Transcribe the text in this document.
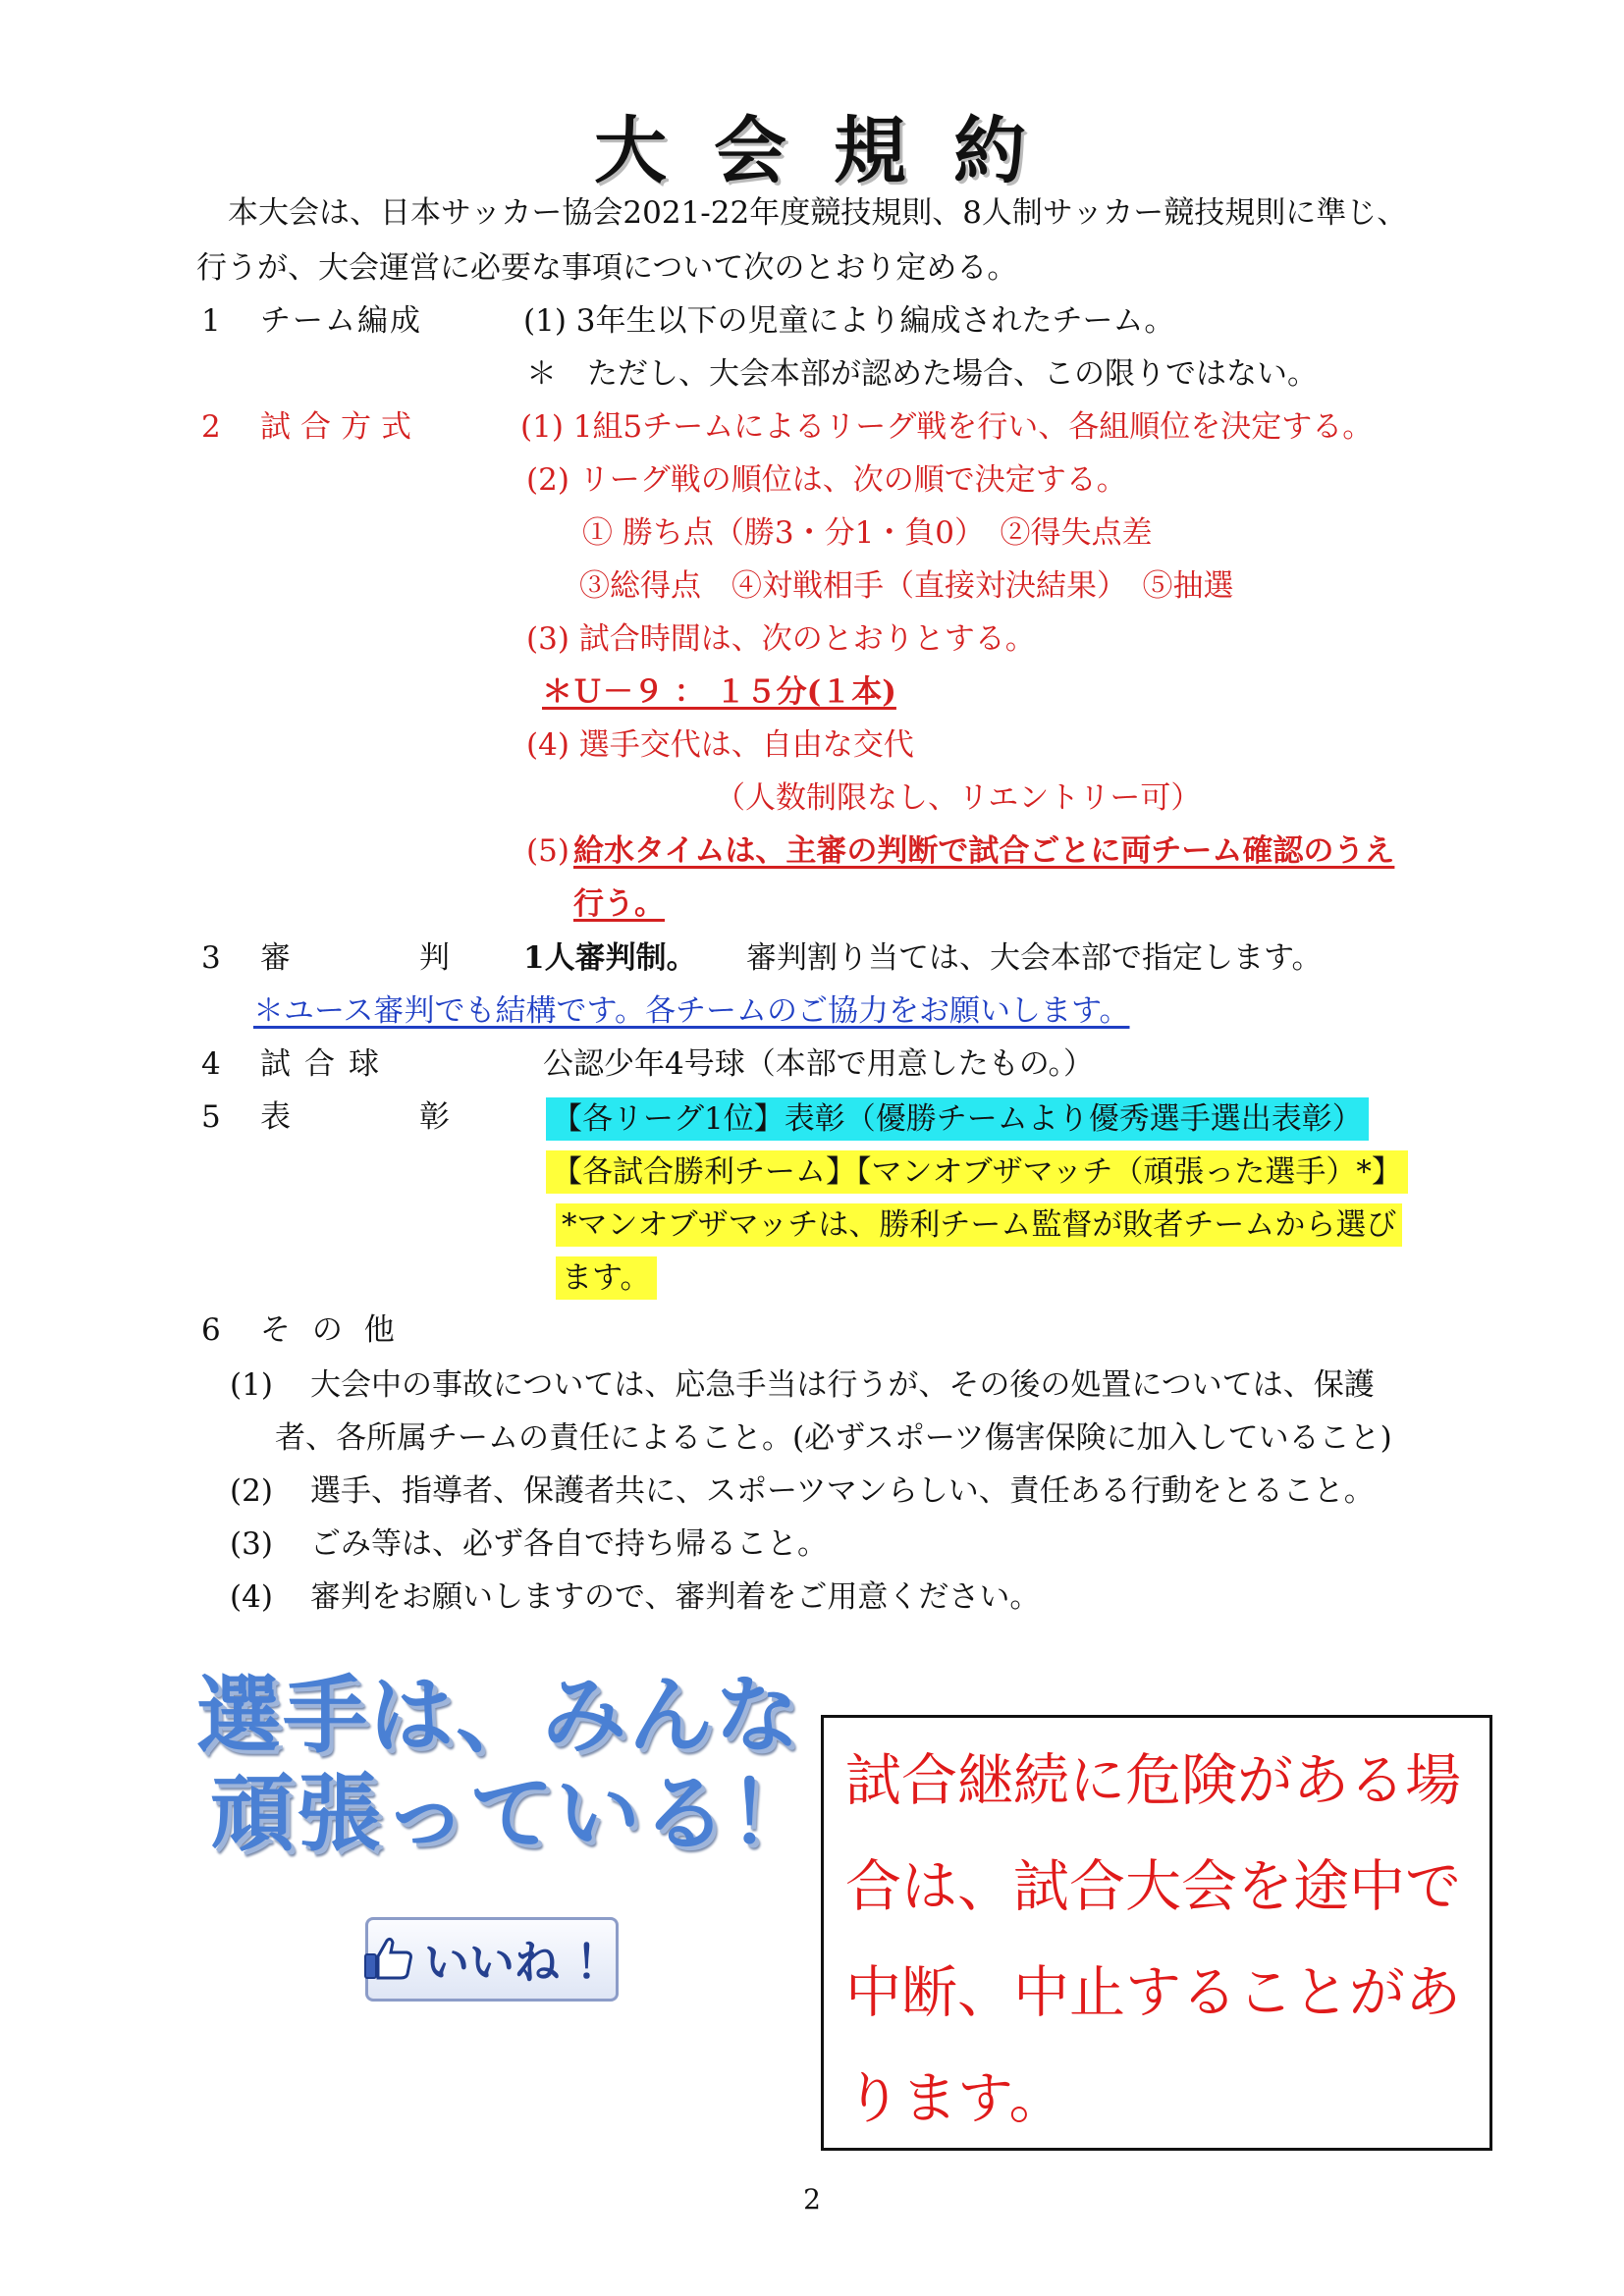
大会規約
本大会は、日本サッカー協会2021-22年度競技規則、8人制サッカー競技規則に準じ、
行うが、大会運営に必要な事項について次のとおり定める。
1 チーム編成	(1) 3年生以下の児童により編成されたチーム。
＊　ただし、大会本部が認めた場合、この限りではない。
2 試合方式	(1) 1組5チームによるリーグ戦を行い、各組順位を決定する。
(2) リーグ戦の順位は、次の順で決定する。
① 勝ち点（勝3・分1・負0）　②得失点差
③総得点　④対戦相手（直接対決結果）　⑤抽選
(3) 試合時間は、次のとおりとする。
＊Ｕ－９ ： １５分(１本)
(4) 選手交代は、自由な交代
（人数制限なし、リエントリー可）
(5) 給水タイムは、主審の判断で試合ごとに両チーム確認のうえ
行う。
3 審　判 1人審判制。 審判割り当ては、大会本部で指定します。
＊ユース審判でも結構です。各チームのご協力をお願いします。
4 試合球	公認少年4号球（本部で用意したもの。）
5 表　彰 【各リーグ1位】表彰（優勝チームより優秀選手選出表彰）
【各試合勝利チーム】【マンオブザマッチ（頑張った選手）*】
*マンオブザマッチは、勝利チーム監督が敗者チームから選び
ます。
6 そ の 他
(1) 大会中の事故については、応急手当は行うが、その後の処置については、保護
者、各所属チームの責任によること。(必ずスポーツ傷害保険に加入していること)
(2) 選手、指導者、保護者共に、スポーツマンらしい、責任ある行動をとること。
(3) ごみ等は、必ず各自で持ち帰ること。
(4) 審判をお願いしますので、審判着をご用意ください。
選手は、みんな
頑張っている！
いいね ！
試合継続に危険がある場合は、試合大会を途中で中断、中止することがあります。
2
